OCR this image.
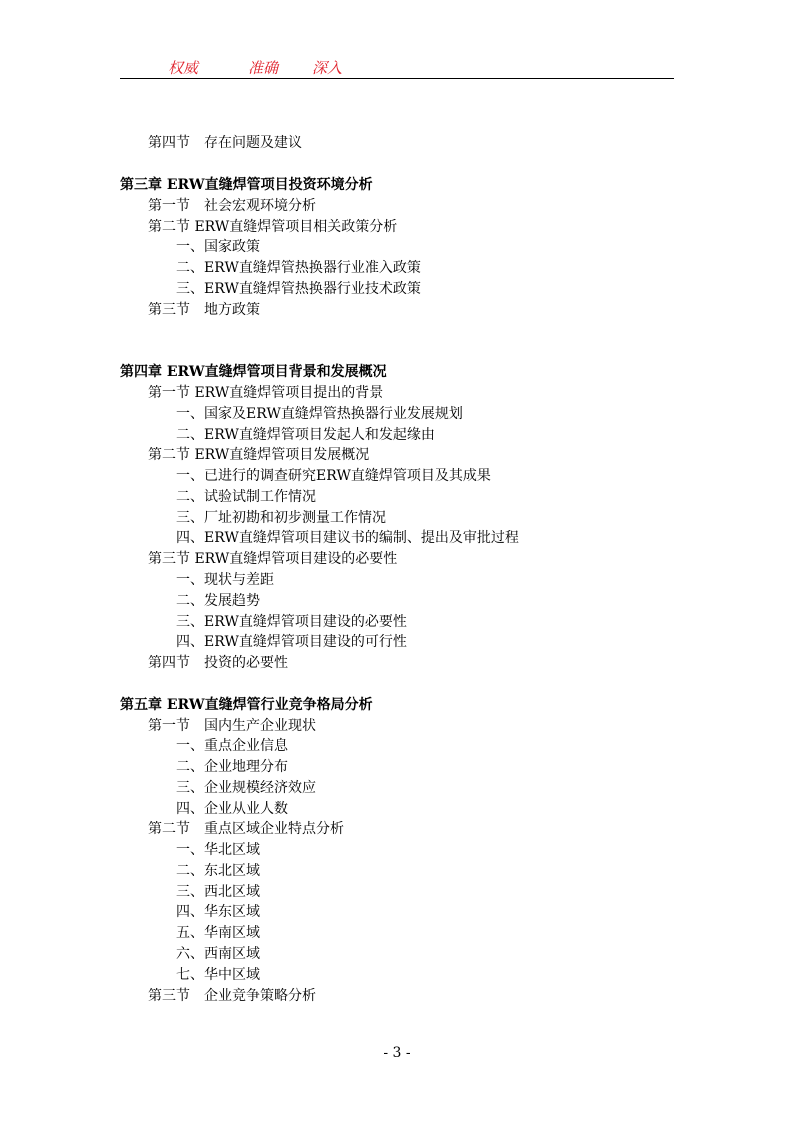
权威	准确 深入
第四节　存在问题及建议
第三章 ERW直缝焊管项目投资环境分析
第一节　社会宏观环境分析
第二节 ERW直缝焊管项目相关政策分析
一、国家政策
二、ERW直缝焊管热换器行业准入政策
三、ERW直缝焊管热换器行业技术政策
第三节　地方政策
第四章 ERW直缝焊管项目背景和发展概况
第一节 ERW直缝焊管项目提出的背景
一、国家及ERW直缝焊管热换器行业发展规划
二、ERW直缝焊管项目发起人和发起缘由
第二节 ERW直缝焊管项目发展概况
一、已进行的调查研究ERW直缝焊管项目及其成果
二、试验试制工作情况
三、厂址初勘和初步测量工作情况
四、ERW直缝焊管项目建议书的编制、提出及审批过程
第三节 ERW直缝焊管项目建设的必要性
一、现状与差距
二、发展趋势
三、ERW直缝焊管项目建设的必要性
四、ERW直缝焊管项目建设的可行性
第四节　投资的必要性
第五章 ERW直缝焊管行业竞争格局分析
第一节　国内生产企业现状
一、重点企业信息
二、企业地理分布
三、企业规模经济效应
四、企业从业人数
第二节　重点区域企业特点分析
一、华北区域
二、东北区域
三、西北区域
四、华东区域
五、华南区域
六、西南区域
七、华中区域
第三节　企业竞争策略分析
- 3 -
